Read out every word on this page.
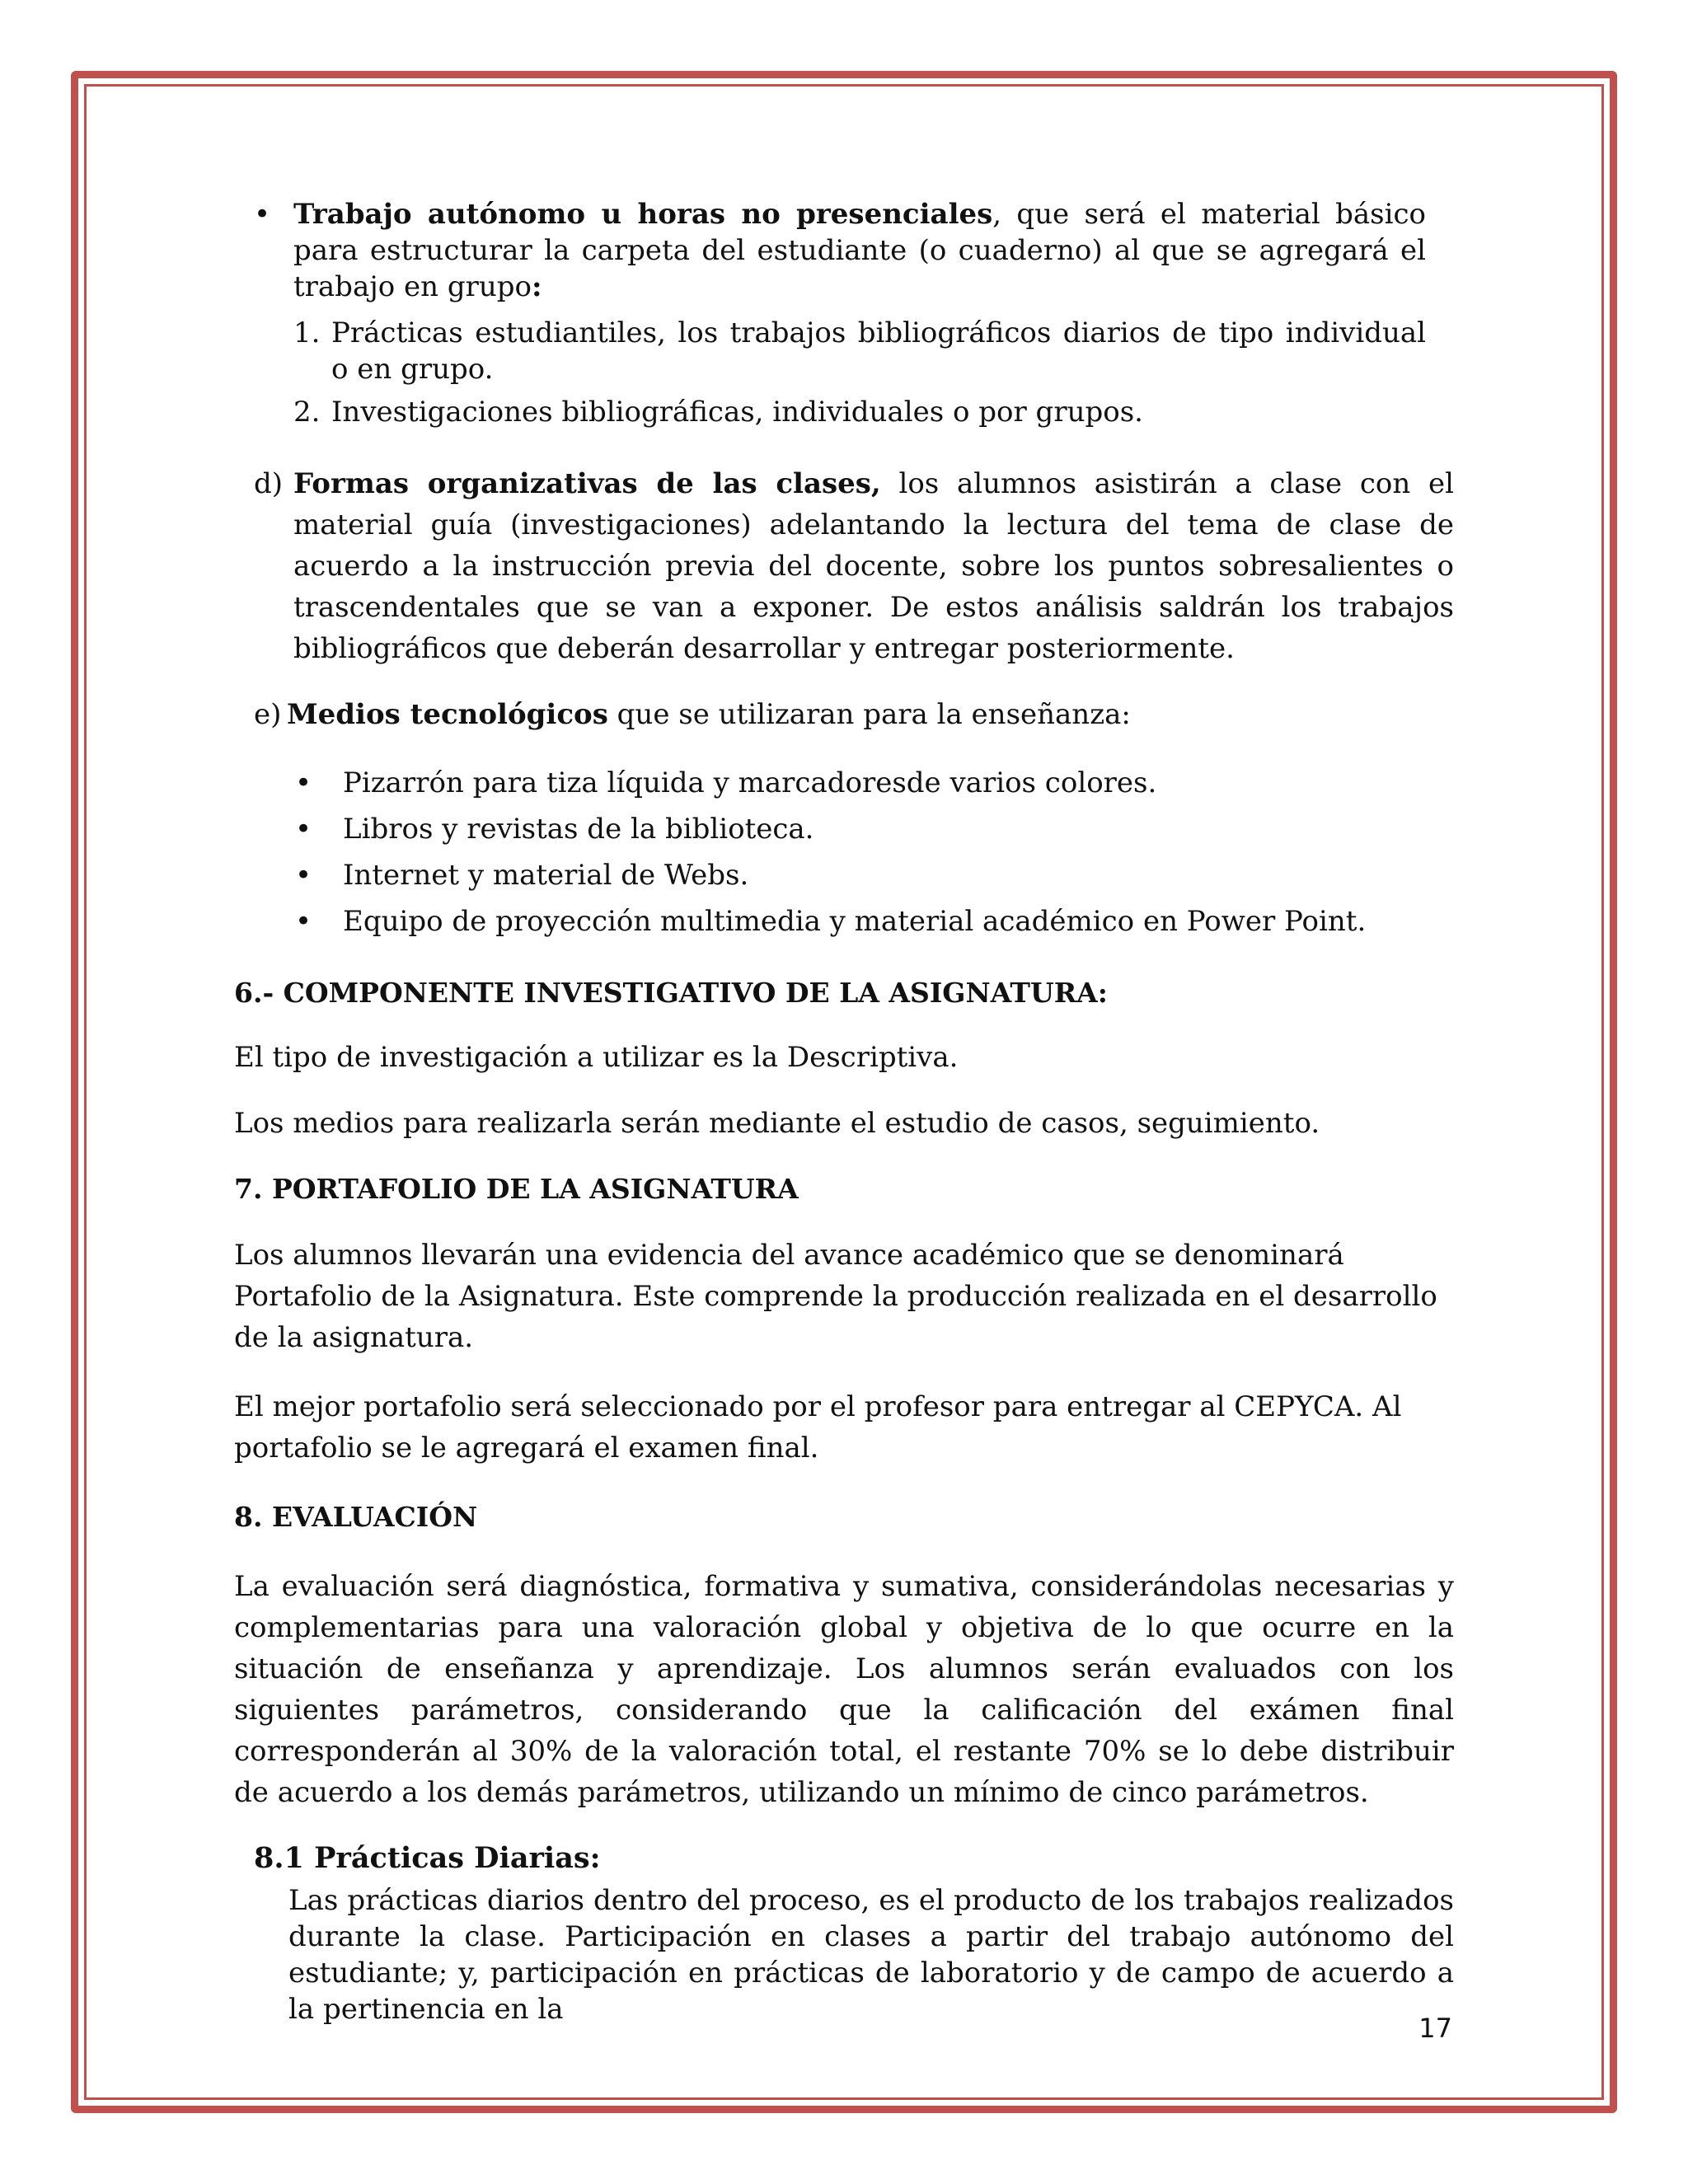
• Trabajo autónomo u horas no presenciales, que será el material básico para estructurar la carpeta del estudiante (o cuaderno) al que se agregará el trabajo en grupo:

1. Prácticas estudiantiles, los trabajos bibliográficos diarios de tipo individual o en grupo.

2. Investigaciones bibliográficas, individuales o por grupos.

d) Formas organizativas de las clases, los alumnos asistirán a clase con el material guía (investigaciones) adelantando la lectura del tema de clase de acuerdo a la instrucción previa del docente, sobre los puntos sobresalientes o trascendentales que se van a exponer. De estos análisis saldrán los trabajos bibliográficos que deberán desarrollar y entregar posteriormente.

e) Medios tecnológicos que se utilizaran para la enseñanza:

• Pizarrón para tiza líquida y marcadoresde varios colores.

• Libros y revistas de la biblioteca.

• Internet y material de Webs.

• Equipo de proyección multimedia y material académico en Power Point.

6.- COMPONENTE INVESTIGATIVO DE LA ASIGNATURA:

El tipo de investigación a utilizar es la Descriptiva.

Los medios para realizarla serán mediante el estudio de casos, seguimiento.

7. PORTAFOLIO DE LA ASIGNATURA

Los alumnos llevarán una evidencia del avance académico que se denominará Portafolio de la Asignatura. Este comprende la producción realizada en el desarrollo de la asignatura.

El mejor portafolio será seleccionado por el profesor para entregar al CEPYCA. Al portafolio se le agregará el examen final.

8. EVALUACIÓN

La evaluación será diagnóstica, formativa y sumativa, considerándolas necesarias y complementarias para una valoración global y objetiva de lo que ocurre en la situación de enseñanza y aprendizaje. Los alumnos serán evaluados con los siguientes parámetros, considerando que la calificación del exámen final corresponderán al 30% de la valoración total, el restante 70% se lo debe distribuir de acuerdo a los demás parámetros, utilizando un mínimo de cinco parámetros.

8.1 Prácticas Diarias:

Las prácticas diarios dentro del proceso, es el producto de los trabajos realizados durante la clase. Participación en clases a partir del trabajo autónomo del estudiante; y, participación en prácticas de laboratorio y de campo de acuerdo a la pertinencia en la

17
